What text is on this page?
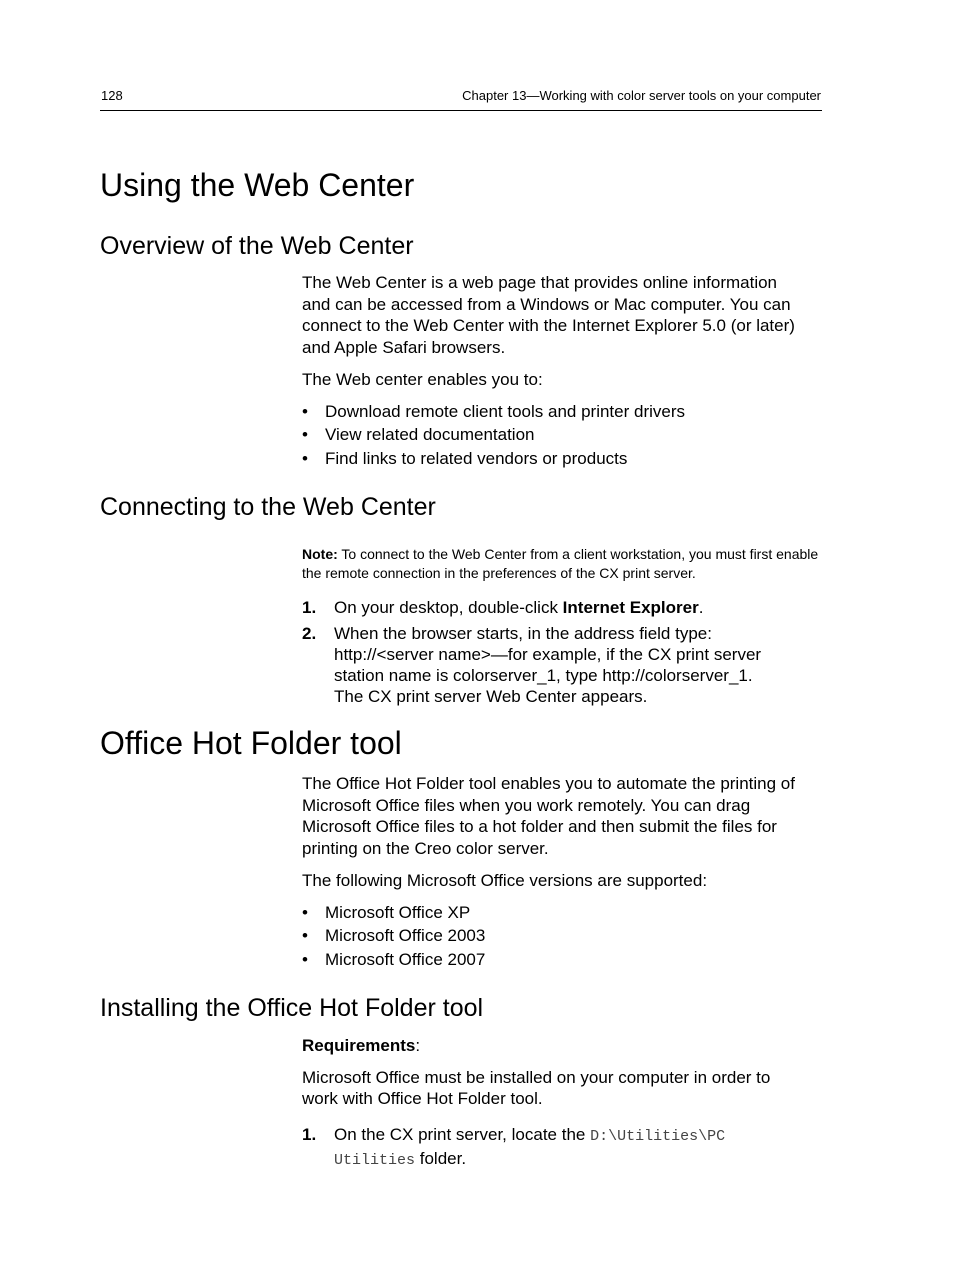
128	Chapter 13—Working with color server tools on your computer
Using the Web Center
Overview of the Web Center

The Web Center is a web page that provides online information and can be accessed from a Windows or Mac computer. You can connect to the Web Center with the Internet Explorer 5.0 (or later) and Apple Safari browsers.

The Web center enables you to:

• Download remote client tools and printer drivers
• View related documentation
• Find links to related vendors or products
Connecting to the Web Center

Note: To connect to the Web Center from a client workstation, you must first enable the remote connection in the preferences of the CX print server.

1. On your desktop, double-click Internet Explorer.
2. When the browser starts, in the address field type: http://<server name>—for example, if the CX print server station name is colorserver_1, type http://colorserver_1.
The CX print server Web Center appears.
Office Hot Folder tool

The Office Hot Folder tool enables you to automate the printing of Microsoft Office files when you work remotely. You can drag Microsoft Office files to a hot folder and then submit the files for printing on the Creo color server.

The following Microsoft Office versions are supported:

• Microsoft Office XP
• Microsoft Office 2003
• Microsoft Office 2007
Installing the Office Hot Folder tool

Requirements:

Microsoft Office must be installed on your computer in order to work with Office Hot Folder tool.

1. On the CX print server, locate the D:\Utilities\PC
Utilities folder.
